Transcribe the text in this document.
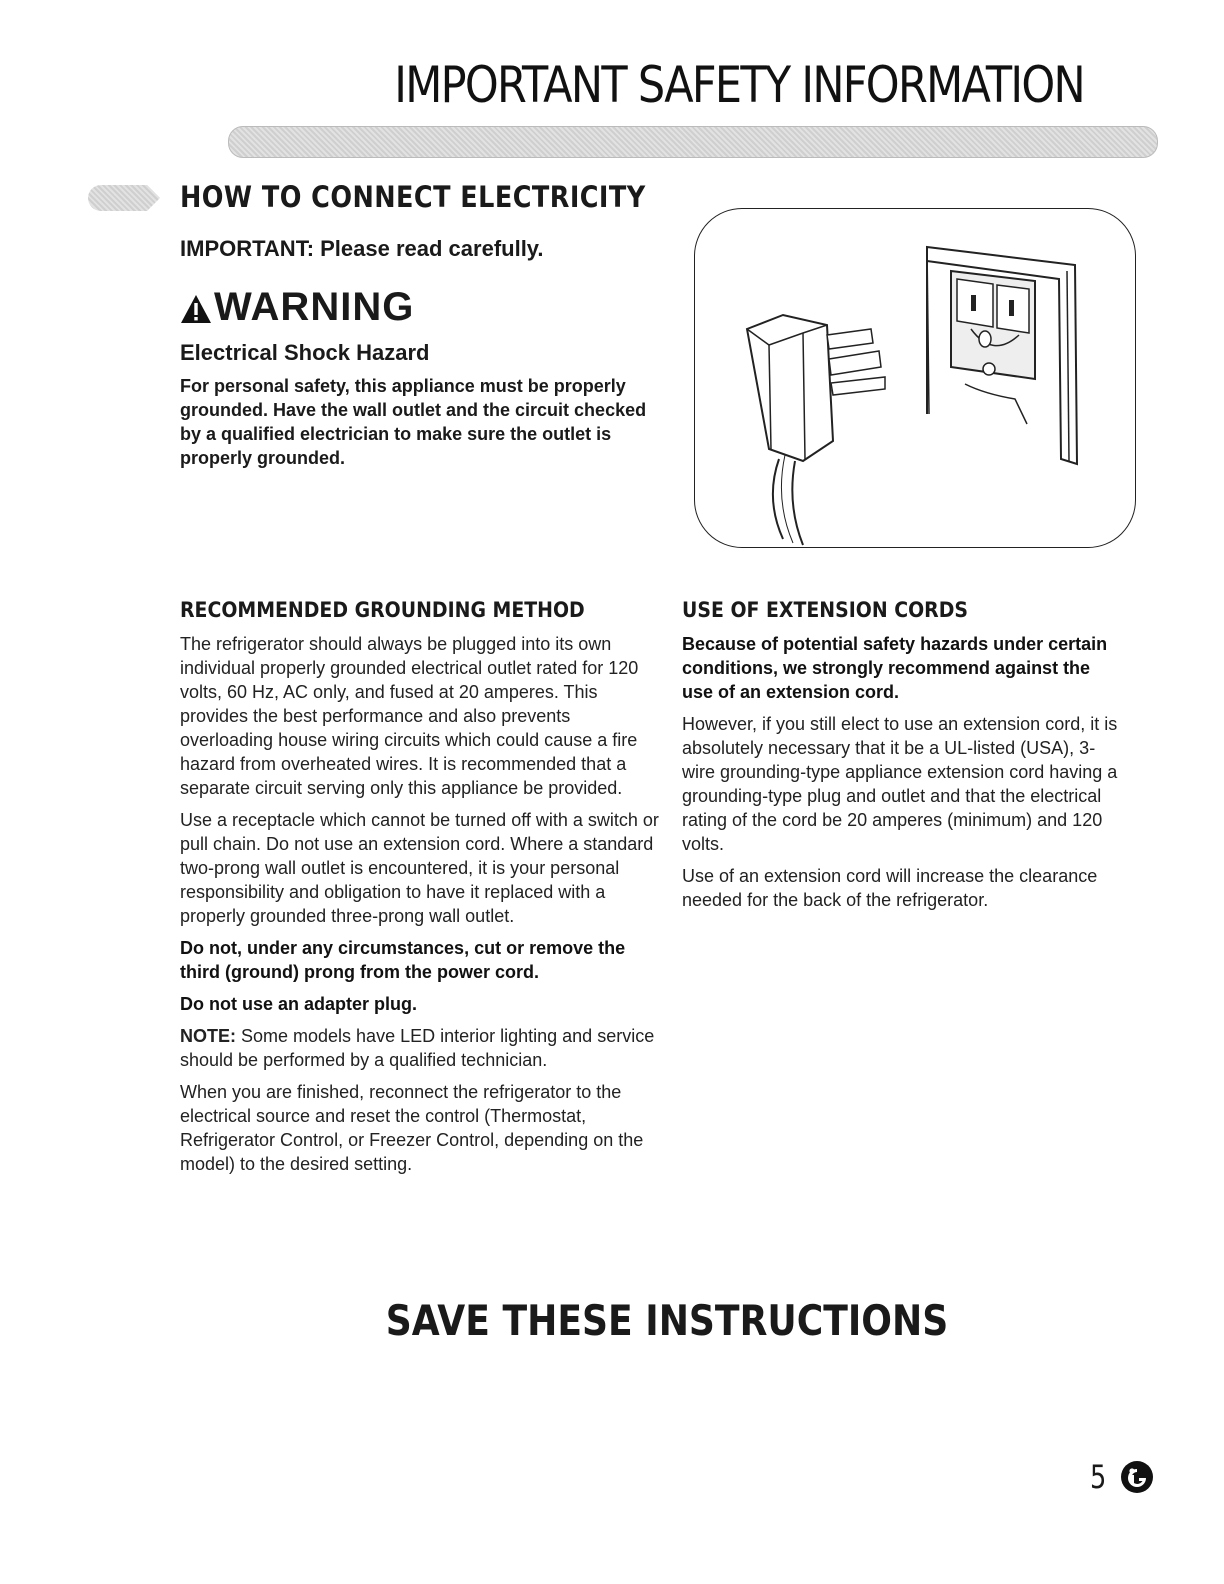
IMPORTANT SAFETY INFORMATION
HOW TO CONNECT ELECTRICITY
IMPORTANT: Please read carefully.
WARNING
Electrical Shock Hazard
For personal safety, this appliance must be properly grounded. Have the wall outlet and the circuit checked by a qualified electrician to make sure the outlet is properly grounded.
RECOMMENDED GROUNDING METHOD

The refrigerator should always be plugged into its own individual properly grounded electrical outlet rated for 120 volts, 60 Hz, AC only, and fused at 20 amperes. This provides the best performance and also prevents overloading house wiring circuits which could cause a fire hazard from overheated wires. It is recommended that a separate circuit serving only this appliance be provided.

Use a receptacle which cannot be turned off with a switch or pull chain. Do not use an extension cord. Where a standard two-prong wall outlet is encountered, it is your personal responsibility and obligation to have it replaced with a properly grounded three-prong wall outlet.

Do not, under any circumstances, cut or remove the third (ground) prong from the power cord.

Do not use an adapter plug.

NOTE: Some models have LED interior lighting and service should be performed by a qualified technician.

When you are finished, reconnect the refrigerator to the electrical source and reset the control (Thermostat, Refrigerator Control, or Freezer Control, depending on the model) to the desired setting.

USE OF EXTENSION CORDS

Because of potential safety hazards under certain conditions, we strongly recommend against the use of an extension cord.

However, if you still elect to use an extension cord, it is absolutely necessary that it be a UL-listed (USA), 3-wire grounding-type appliance extension cord having a grounding-type plug and outlet and that the electrical rating of the cord be 20 amperes (minimum) and 120 volts.

Use of an extension cord will increase the clearance needed for the back of the refrigerator.

SAVE THESE INSTRUCTIONS
5
